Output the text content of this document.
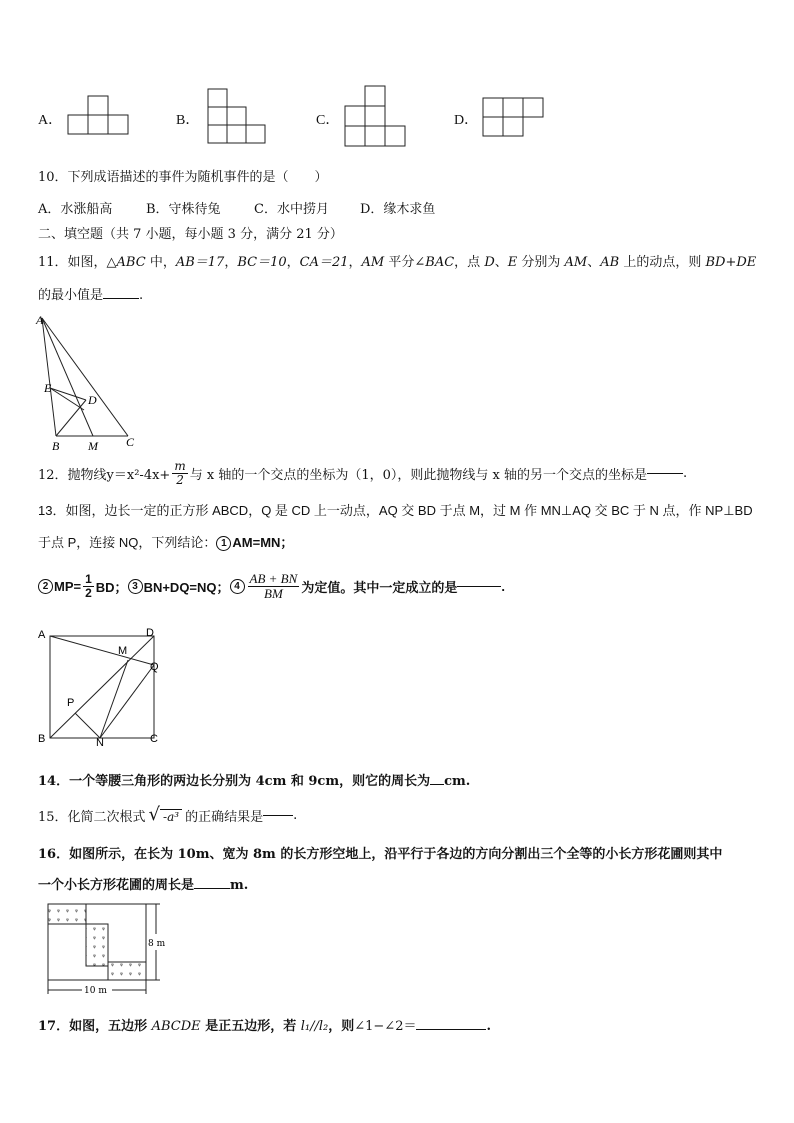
A．	B．	C．	D．
10．下列成语描述的事件为随机事件的是（　　）
A．水涨船高	B．守株待兔	C．水中捞月 D．缘木求鱼
二、填空题（共 7 小题，每小题 3 分，满分 21 分）
11．如图，△ABC 中，AB＝17，BC＝10，CA＝21，AM 平分∠BAC，点 D、E 分别为 AM、AB 上的动点，则 BD+DE
的最小值是	.
A
E
D
B M C
12．抛物线 $y=x^2-4x+ \frac{m}{2}$ 与 x 轴的一个交点的坐标为（1，0），则此抛物线与 x 轴的另一个交点的坐标是	.
13．如图，边长一定的正方形 ABCD，Q 是 CD 上一动点，AQ 交 BD 于点 M，过 M 作 MN⊥AQ 交 BC 于 N 点，作 NP⊥BD
于点 P，连接 NQ，下列结论： 1 AM=MN；
2 $MP= \frac{1}{2}$ BD； 3 BN+DQ=NQ； $4 \frac{AB + BN}{BM}$ 为定值。其中一定成立的是	.
A	D
M
Q
P
B	N	C
14．一个等腰三角形的两边长分别为 4cm 和 9cm，则它的周长为 cm.
15．化简二次根式 √ -a³ 的正确结果是 .
16．如图所示，在长为 10m、宽为 8m 的长方形空地上，沿平行于各边的方向分割出三个全等的小长方形花圃则其中
一个小长方形花圃的周长是	m.
10 m
8 m
17．如图，五边形 ABCDE 是正五边形，若 l₁//l₂，则∠1−∠2＝	.
